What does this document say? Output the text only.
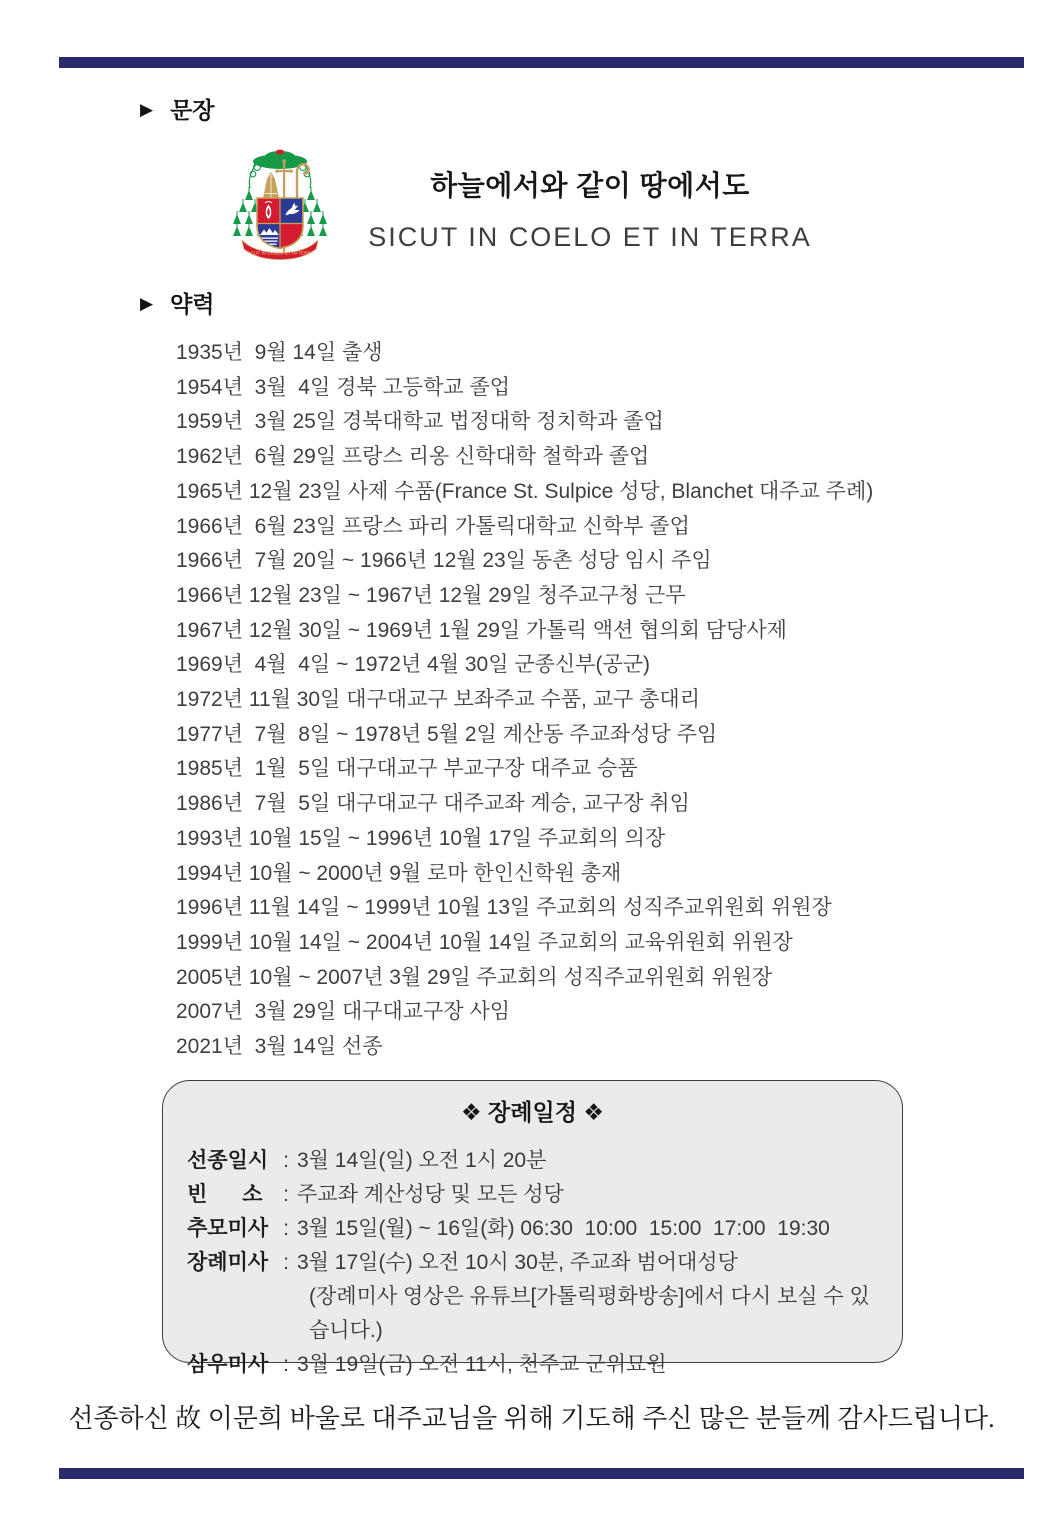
▶ 문장
SICUT IN COELO ET IN TERRA
하늘에서와 같이 땅에서도
SICUT IN COELO ET IN TERRA
▶ 약력
1935년  9월 14일 출생
1954년  3월  4일 경북 고등학교 졸업
1959년  3월 25일 경북대학교 법정대학 정치학과 졸업
1962년  6월 29일 프랑스 리옹 신학대학 철학과 졸업
1965년 12월 23일 사제 수품(France St. Sulpice 성당, Blanchet 대주교 주례)
1966년  6월 23일 프랑스 파리 가톨릭대학교 신학부 졸업
1966년  7월 20일 ~ 1966년 12월 23일 동촌 성당 임시 주임
1966년 12월 23일 ~ 1967년 12월 29일 청주교구청 근무
1967년 12월 30일 ~ 1969년 1월 29일 가톨릭 액션 협의회 담당사제
1969년  4월  4일 ~ 1972년 4월 30일 군종신부(공군)
1972년 11월 30일 대구대교구 보좌주교 수품, 교구 총대리
1977년  7월  8일 ~ 1978년 5월 2일 계산동 주교좌성당 주임
1985년  1월  5일 대구대교구 부교구장 대주교 승품
1986년  7월  5일 대구대교구 대주교좌 계승, 교구장 취임
1993년 10월 15일 ~ 1996년 10월 17일 주교회의 의장
1994년 10월 ~ 2000년 9월 로마 한인신학원 총재
1996년 11월 14일 ~ 1999년 10월 13일 주교회의 성직주교위원회 위원장
1999년 10월 14일 ~ 2004년 10월 14일 주교회의 교육위원회 위원장
2005년 10월 ~ 2007년 3월 29일 주교회의 성직주교위원회 위원장
2007년  3월 29일 대구대교구장 사임
2021년  3월 14일 선종
❖ 장례일정 ❖
선종일시 : 3월 14일(일) 오전 1시 20분
빈      소 : 주교좌 계산성당 및 모든 성당
추모미사 : 3월 15일(월) ~ 16일(화) 06:30  10:00  15:00  17:00  19:30
장례미사 : 3월 17일(수) 오전 10시 30분, 주교좌 범어대성당
(장례미사 영상은 유튜브[가톨릭평화방송]에서 다시 보실 수 있습니다.)
삼우미사 : 3월 19일(금) 오전 11시, 천주교 군위묘원
선종하신 故 이문희 바울로 대주교님을 위해 기도해 주신 많은 분들께 감사드립니다.
